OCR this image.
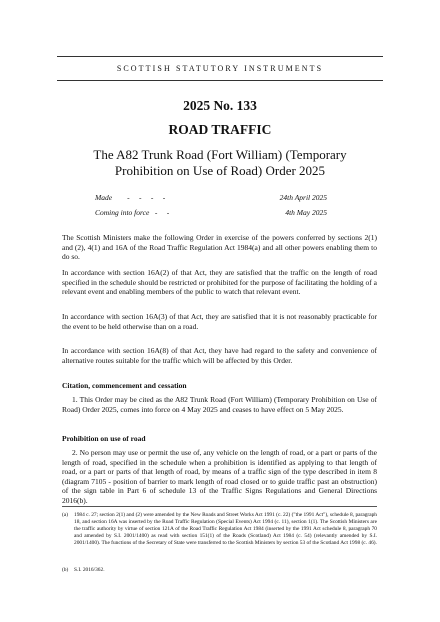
SCOTTISH STATUTORY INSTRUMENTS
2025 No. 133
ROAD TRAFFIC
The A82 Trunk Road (Fort William) (Temporary Prohibition on Use of Road) Order 2025
Made        -     -     -     -	24th April 2025
Coming into force   -     -	4th May 2025

The Scottish Ministers make the following Order in exercise of the powers conferred by sections 2(1) and (2), 4(1) and 16A of the Road Traffic Regulation Act 1984(a) and all other powers enabling them to do so.

In accordance with section 16A(2) of that Act, they are satisfied that the traffic on the length of road specified in the schedule should be restricted or prohibited for the purpose of facilitating the holding of a relevant event and enabling members of the public to watch that relevant event.

In accordance with section 16A(3) of that Act, they are satisfied that it is not reasonably practicable for the event to be held otherwise than on a road.

In accordance with section 16A(8) of that Act, they have had regard to the safety and convenience of alternative routes suitable for the traffic which will be affected by this Order.

Citation, commencement and cessation

1. This Order may be cited as the A82 Trunk Road (Fort William) (Temporary Prohibition on Use of Road) Order 2025, comes into force on 4 May 2025 and ceases to have effect on 5 May 2025.

Prohibition on use of road

2. No person may use or permit the use of, any vehicle on the length of road, or a part or parts of the length of road, specified in the schedule when a prohibition is identified as applying to that length of road, or a part or parts of that length of road, by means of a traffic sign of the type described in item 8 (diagram 7105 - position of barrier to mark length of road closed or to guide traffic past an obstruction) of the sign table in Part 6 of schedule 13 of the Traffic Signs Regulations and General Directions 2016(b).

(a) 1984 c. 27; section 2(1) and (2) were amended by the New Roads and Street Works Act 1991 (c. 22) ("the 1991 Act"), schedule 8, paragraph 18, and section 16A was inserted by the Road Traffic Regulation (Special Events) Act 1994 (c. 11), section 1(1). The Scottish Ministers are the traffic authority by virtue of section 121A of the Road Traffic Regulation Act 1984 (inserted by the 1991 Act schedule 8, paragraph 70 and amended by S.I. 2001/1400) as read with section 151(1) of the Roads (Scotland) Act 1984 (c. 54) (relevantly amended by S.I. 2001/1400). The functions of the Secretary of State were transferred to the Scottish Ministers by section 53 of the Scotland Act 1998 (c. 46).
(b) S.I. 2016/362.
